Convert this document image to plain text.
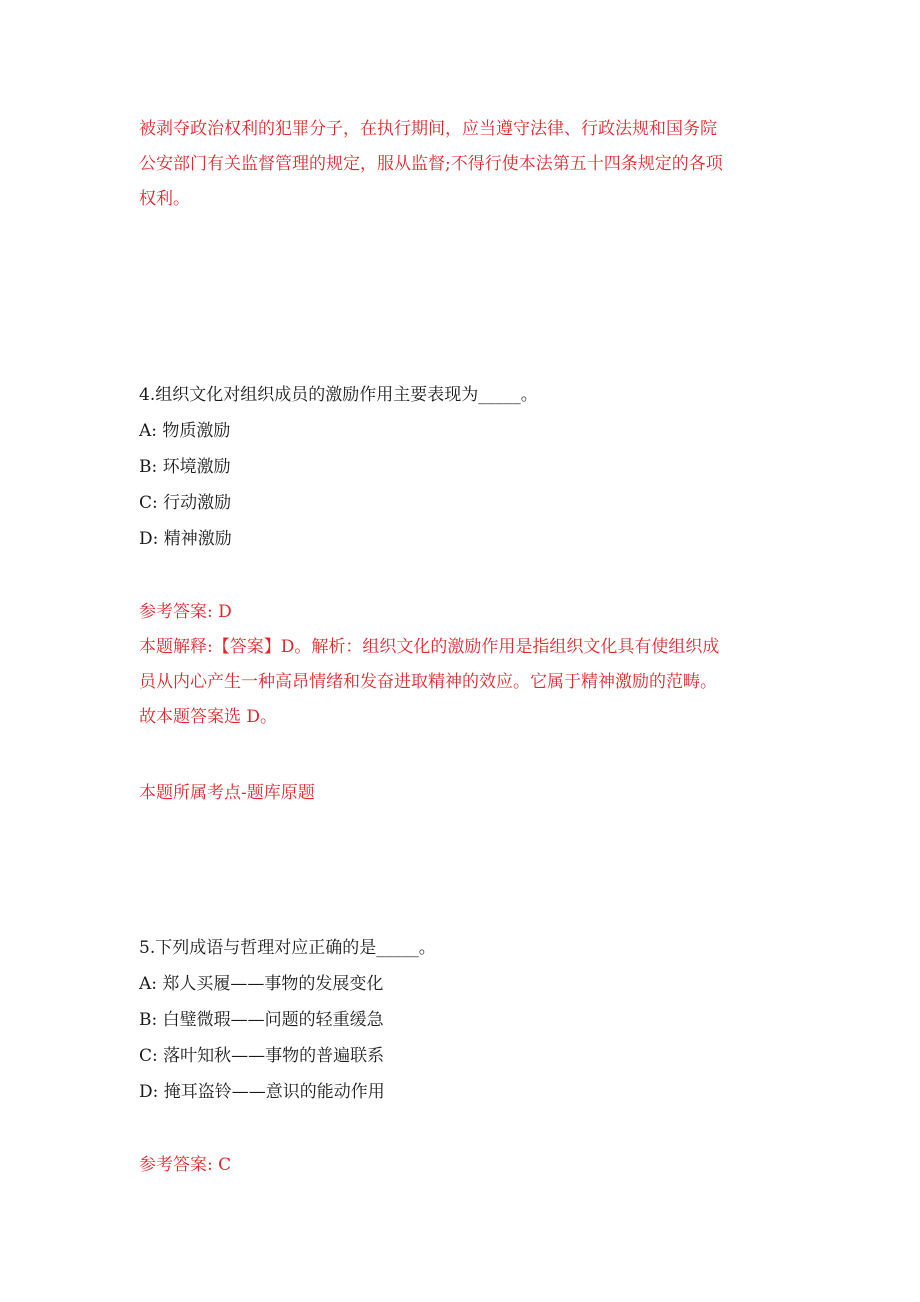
被剥夺政治权利的犯罪分子，在执行期间，应当遵守法律、行政法规和国务院
公安部门有关监督管理的规定，服从监督;不得行使本法第五十四条规定的各项
权利。
4.组织文化对组织成员的激励作用主要表现为_____。
A: 物质激励
B: 环境激励
C: 行动激励
D: 精神激励
参考答案: D
本题解释:【答案】D。解析：组织文化的激励作用是指组织文化具有使组织成
员从内心产生一种高昂情绪和发奋进取精神的效应。它属于精神激励的范畴。
故本题答案选 D。
本题所属考点-题库原题
5.下列成语与哲理对应正确的是_____。
A: 郑人买履——事物的发展变化
B: 白璧微瑕——问题的轻重缓急
C: 落叶知秋——事物的普遍联系
D: 掩耳盗铃——意识的能动作用
参考答案: C
